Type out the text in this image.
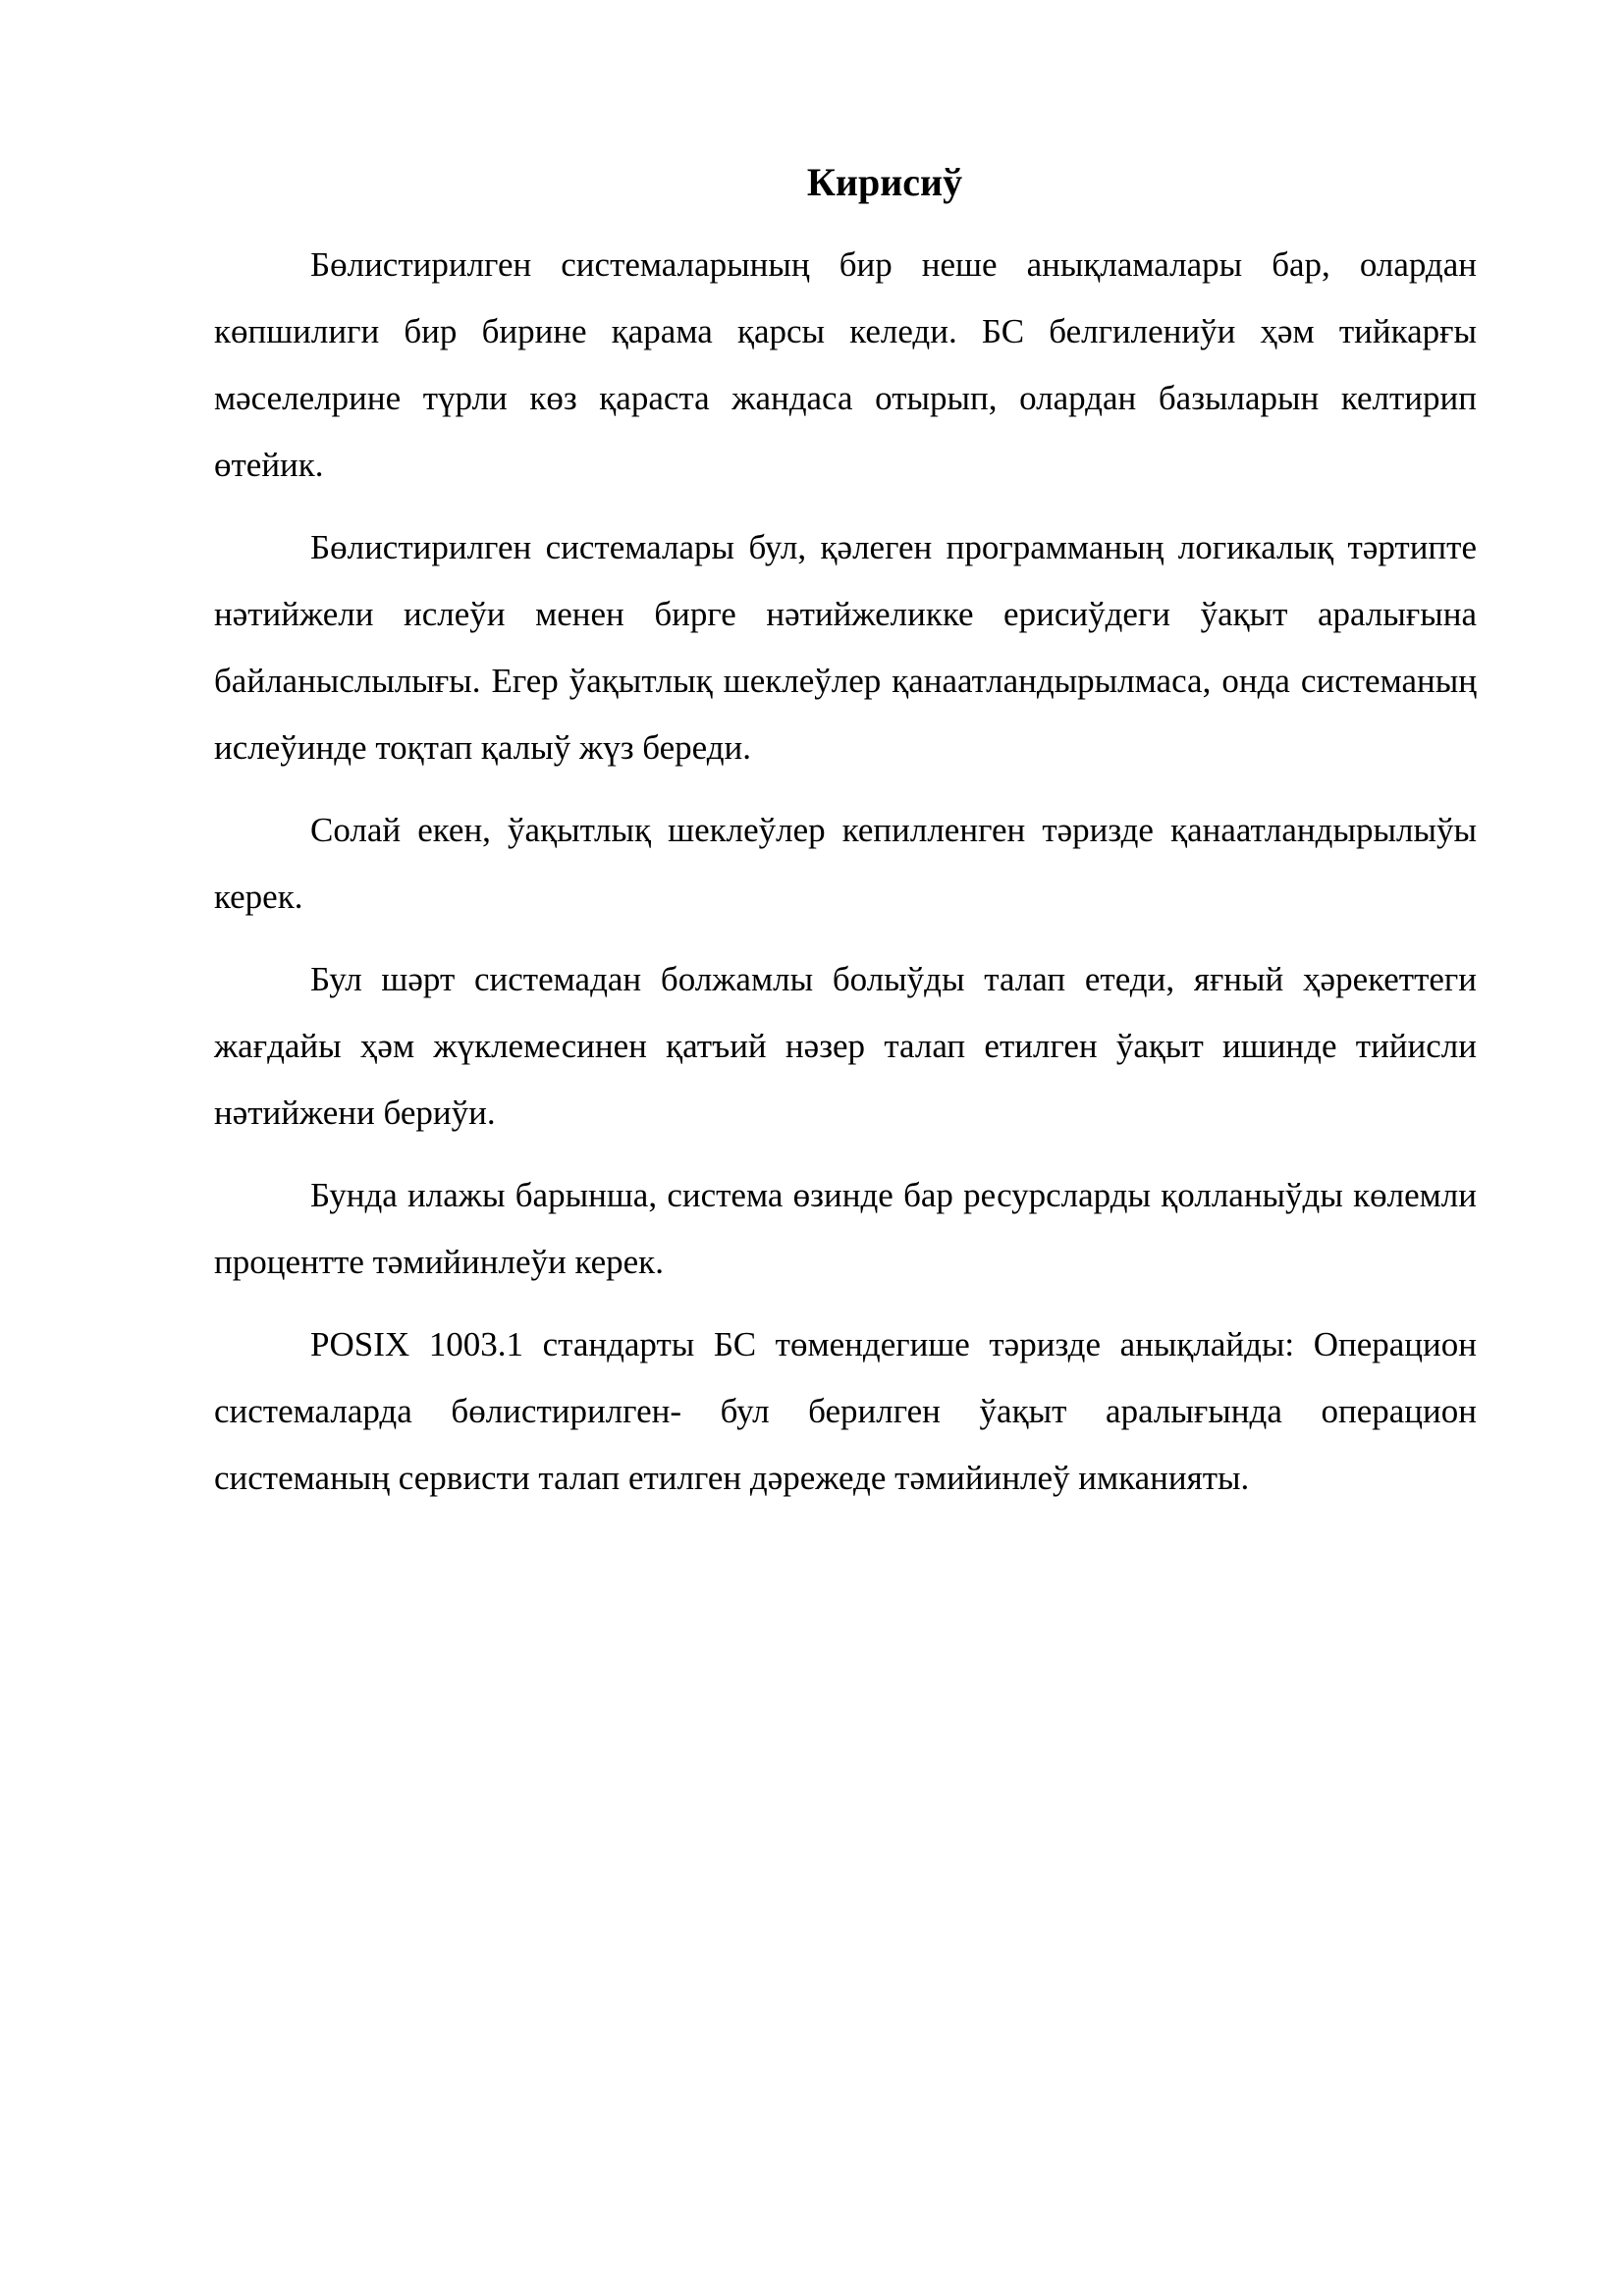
Кирисиў

Бөлистирилген системаларының бир неше анықламалары бар, олардан көпшилиги бир бирине қарама қарсы келеди. БС белгилениўи ҳәм тийкарғы мәселелрине түрли көз қараста жандаса отырып, олардан базыларын келтирип өтейик.

Бөлистирилген системалары бул, қәлеген программаның логикалық тәртипте нәтийжели ислеўи менен бирге нәтийжеликке ерисиўдеги ўақыт аралығына байланыслылығы. Егер ўақытлық шеклеўлер қанаатландырылмаса, онда системаның ислеўинде тоқтап қалыў жүз береди.

Солай екен, ўақытлық шеклеўлер кепилленген тәризде қанаатландырылыўы керек.

Бул шәрт системадан болжамлы болыўды талап етеди, яғный ҳәрекеттеги жағдайы ҳәм жүклемесинен қатъий нәзер талап етилген ўақыт ишинде тийисли нәтийжени бериўи.

Бунда илажы барынша, система өзинде бар ресурсларды қолланыўды көлемли процентте тәмийинлеўи керек.

POSIX 1003.1 стандарты БС төмендегише тәризде анықлайды: Операцион системаларда бөлистирилген- бул берилген ўақыт аралығында операцион системаның сервисти талап етилген дәрежеде тәмийинлеў имканияты.
